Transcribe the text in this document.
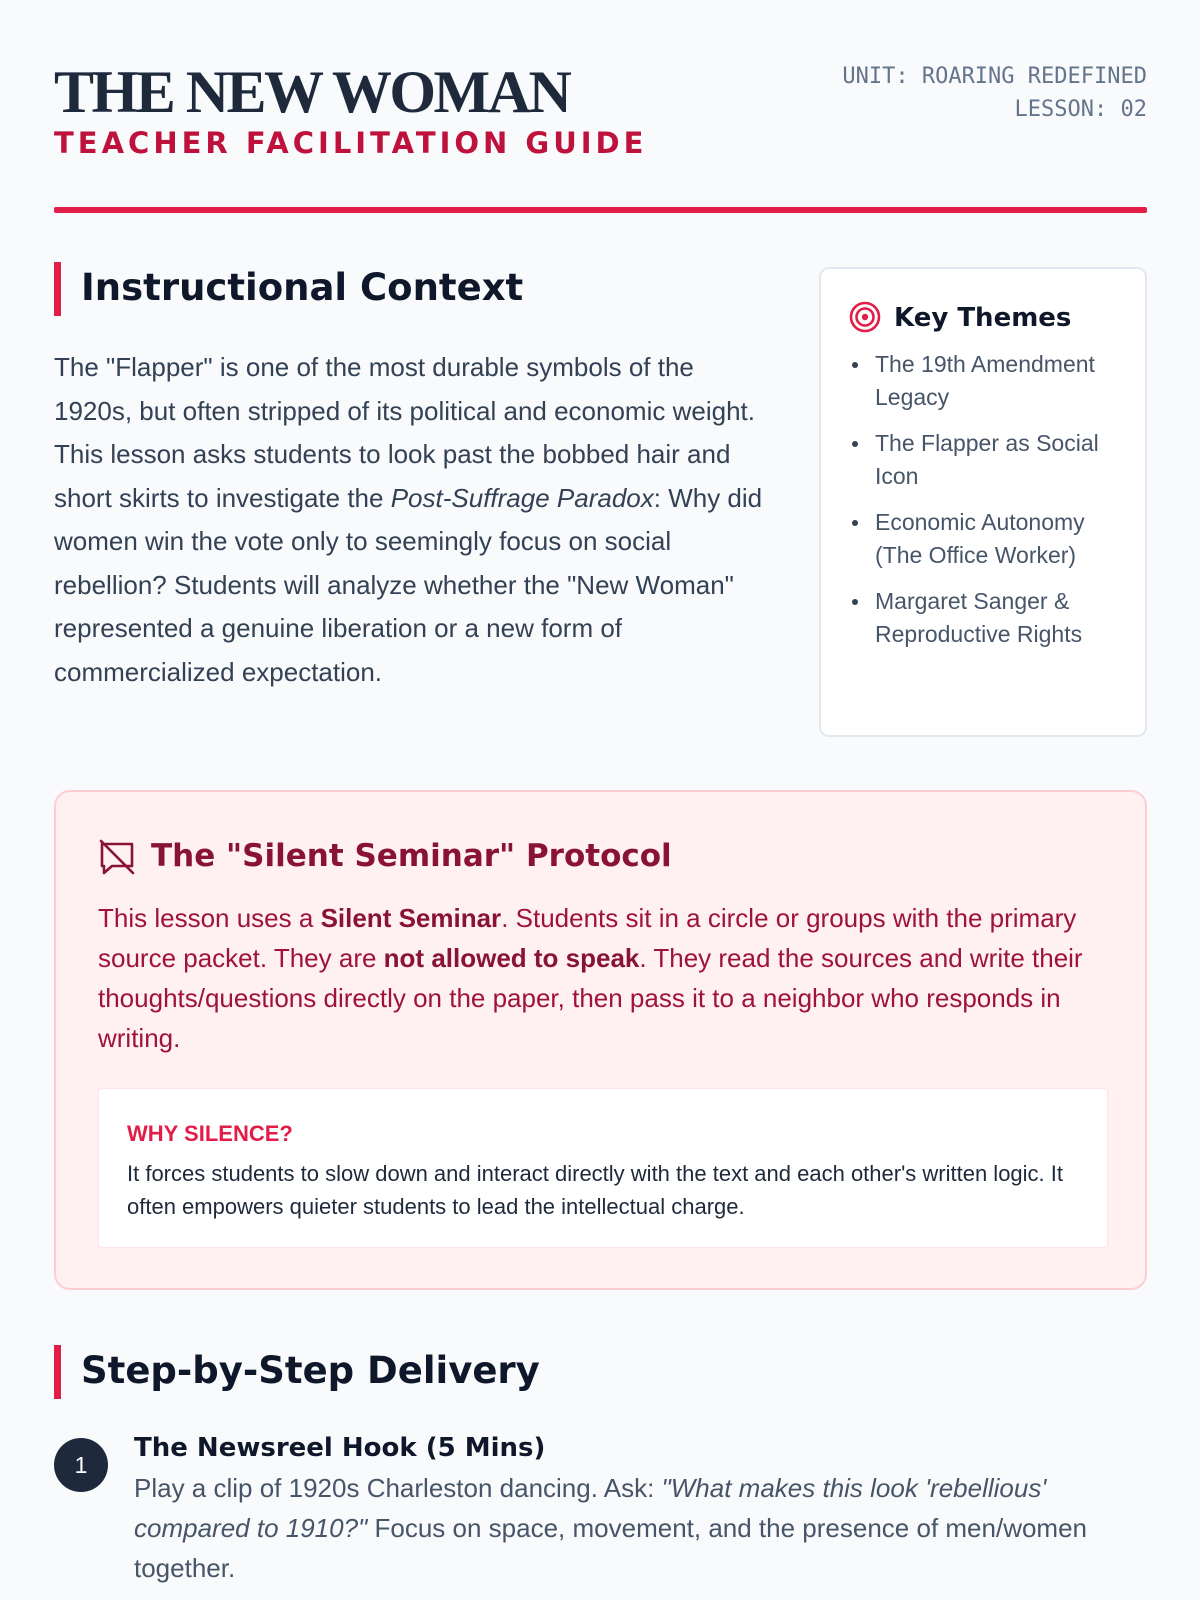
THE NEW WOMAN
TEACHER FACILITATION GUIDE
UNIT: ROARING REDEFINED
LESSON: 02
Instructional Context

The "Flapper" is one of the most durable symbols of the 1920s, but often stripped of its political and economic weight. This lesson asks students to look past the bobbed hair and short skirts to investigate the Post-Suffrage Paradox: Why did women win the vote only to seemingly focus on social rebellion? Students will analyze whether the "New Woman" represented a genuine liberation or a new form of commercialized expectation.

Key Themes
The 19th Amendment Legacy
The Flapper as Social Icon
Economic Autonomy (The Office Worker)
Margaret Sanger & Reproductive Rights
The "Silent Seminar" Protocol

This lesson uses a Silent Seminar. Students sit in a circle or groups with the primary source packet. They are not allowed to speak. They read the sources and write their thoughts/questions directly on the paper, then pass it to a neighbor who responds in writing.

WHY SILENCE?

It forces students to slow down and interact directly with the text and each other's written logic. It often empowers quieter students to lead the intellectual charge.

Step-by-Step Delivery
1
The Newsreel Hook (5 Mins)

Play a clip of 1920s Charleston dancing. Ask: "What makes this look 'rebellious' compared to 1910?" Focus on space, movement, and the presence of men/women together.
